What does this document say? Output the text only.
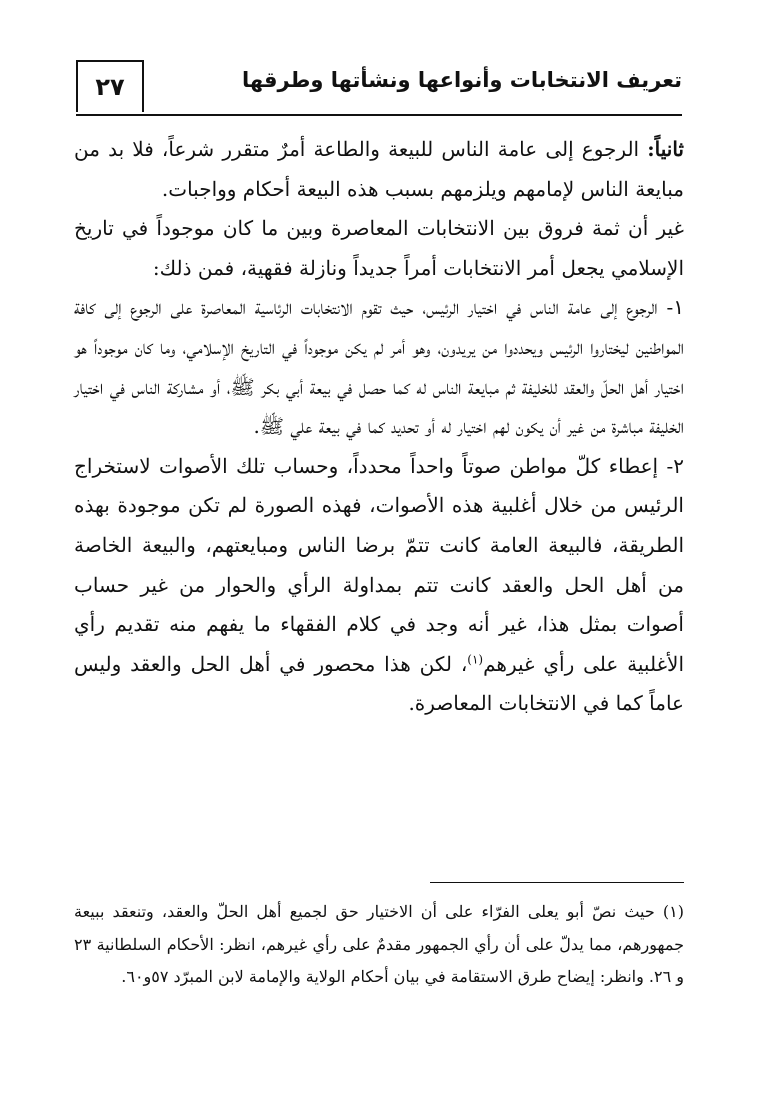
تعريف الانتخابات وأنواعها ونشأتها وطرقها
٢٧

ثانياً: الرجوع إلى عامة الناس للبيعة والطاعة أمرٌ متقرر شرعاً، فلا بد من مبايعة الناس لإمامهم ويلزمهم بسبب هذه البيعة أحكام وواجبات.

غير أن ثمة فروق بين الانتخابات المعاصرة وبين ما كان موجوداً في تاريخ الإسلامي يجعل أمر الانتخابات أمراً جديداً ونازلة فقهية، فمن ذلك:

١- الرجوع إلى عامة الناس في اختيار الرئيس، حيث تقوم الانتخابات الرئاسية المعاصرة على الرجوع إلى كافة المواطنين ليختاروا الرئيس ويحددوا من يريدون، وهو أمر لم يكن موجوداً في التاريخ الإسلامي، وما كان موجوداً هو اختيار أهل الحلّ والعقد للخليفة ثم مبايعة الناس له كما حصل في بيعة أبي بكر ﷺ، أو مشاركة الناس في اختيار الخليفة مباشرة من غير أن يكون لهم اختيار له أو تحديد كما في بيعة علي ﷺ.

٢- إعطاء كلّ مواطن صوتاً واحداً محدداً، وحساب تلك الأصوات لاستخراج الرئيس من خلال أغلبية هذه الأصوات، فهذه الصورة لم تكن موجودة بهذه الطريقة، فالبيعة العامة كانت تتمّ برضا الناس ومبايعتهم، والبيعة الخاصة من أهل الحل والعقد كانت تتم بمداولة الرأي والحوار من غير حساب أصوات بمثل هذا، غير أنه وجد في كلام الفقهاء ما يفهم منه تقديم رأي الأغلبية على رأي غيرهم$^{(١)}$، لكن هذا محصور في أهل الحل والعقد وليس عاماً كما في الانتخابات المعاصرة.

(١) حيث نصّ أبو يعلى الفرّاء على أن الاختيار حق لجميع أهل الحلّ والعقد، وتنعقد ببيعة جمهورهم، مما يدلّ على أن رأي الجمهور مقدمٌ على رأي غيرهم، انظر: الأحكام السلطانية ٢٣ و ٢٦. وانظر: إيضاح طرق الاستقامة في بيان أحكام الولاية والإمامة لابن المبرّد ٥٧و٦٠.
